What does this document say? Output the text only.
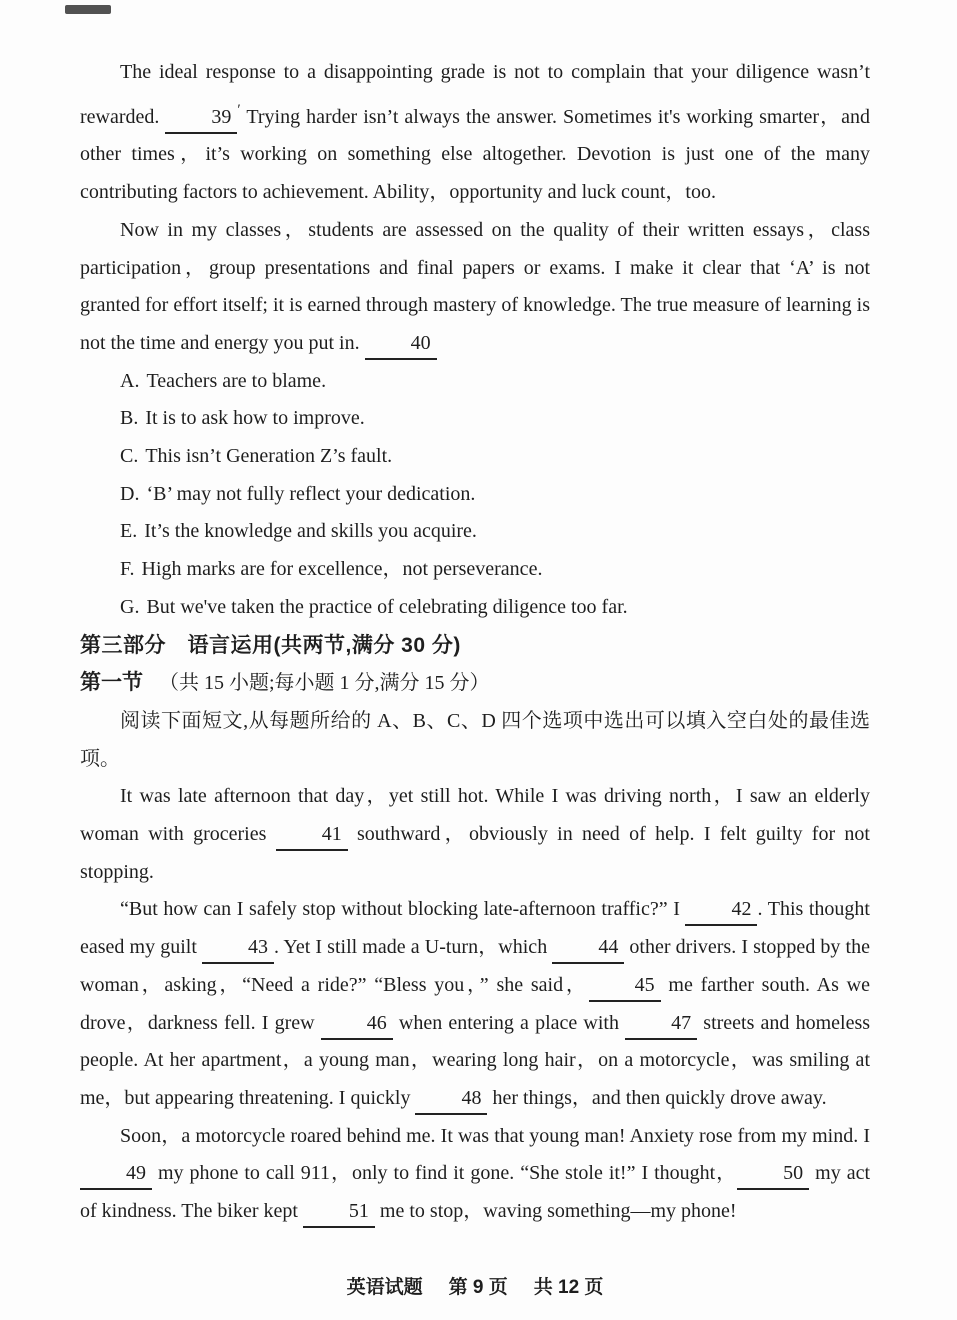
The ideal response to a disappointing grade is not to complain that your diligence wasn’t rewarded. 39 ′ Trying harder isn’t always the answer. Sometimes it's working smarter，and other times，it’s working on something else altogether. Devotion is just one of the many contributing factors to achievement. Ability，opportunity and luck count，too.

Now in my classes，students are assessed on the quality of their written essays，class participation，group presentations and final papers or exams. I make it clear that ‘A’ is not granted for effort itself; it is earned through mastery of knowledge. The true measure of learning is not the time and energy you put in. 40

A. Teachers are to blame.

B. It is to ask how to improve.

C. This isn’t Generation Z’s fault.

D. ‘B’ may not fully reflect your dedication.

E. It’s the knowledge and skills you acquire.

F. High marks are for excellence，not perseverance.

G. But we've taken the practice of celebrating diligence too far.

第三部分　语言运用(共两节,满分 30 分)
第一节 （共 15 小题;每小题 1 分,满分 15 分）

阅读下面短文,从每题所给的 A、B、C、D 四个选项中选出可以填入空白处的最佳选项。

It was late afternoon that day，yet still hot. While I was driving north，I saw an elderly woman with groceries 41 southward，obviously in need of help. I felt guilty for not stopping.

“But how can I safely stop without blocking late-afternoon traffic?” I 42 . This thought eased my guilt 43 . Yet I still made a U-turn，which 44 other drivers. I stopped by the woman，asking，“Need a ride?” “Bless you，” she said， 45 me farther south. As we drove，darkness fell. I grew 46 when entering a place with 47 streets and homeless people. At her apartment，a young man，wearing long hair，on a motorcycle，was smiling at me，but appearing threatening. I quickly 48 her things，and then quickly drove away.

Soon，a motorcycle roared behind me. It was that young man! Anxiety rose from my mind. I 49 my phone to call 911，only to find it gone. “She stole it!” I thought， 50 my act of kindness. The biker kept 51 me to stop，waving something—my phone!

英语试题 第 9 页 共 12 页
